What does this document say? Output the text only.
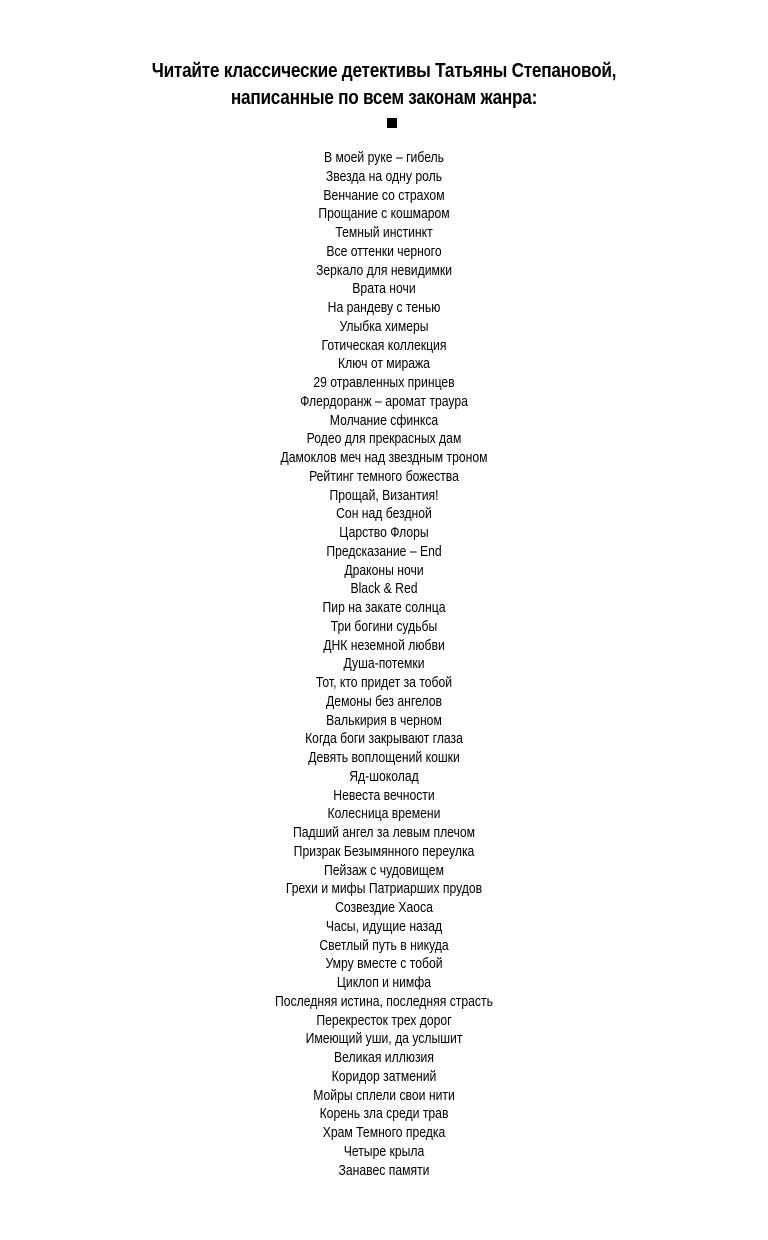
Читайте классические детективы Татьяны Степановой,
написанные по всем законам жанра:
В моей руке – гибель
Звезда на одну роль
Венчание со страхом
Прощание с кошмаром
Темный инстинкт
Все оттенки черного
Зеркало для невидимки
Врата ночи
На рандеву с тенью
Улыбка химеры
Готическая коллекция
Ключ от миража
29 отравленных принцев
Флердоранж – аромат траура
Молчание сфинкса
Родео для прекрасных дам
Дамоклов меч над звездным троном
Рейтинг темного божества
Прощай, Византия!
Сон над бездной
Царство Флоры
Предсказание – End
Драконы ночи
Black & Red
Пир на закате солнца
Три богини судьбы
ДНК неземной любви
Душа-потемки
Тот, кто придет за тобой
Демоны без ангелов
Валькирия в черном
Когда боги закрывают глаза
Девять воплощений кошки
Яд-шоколад
Невеста вечности
Колесница времени
Падший ангел за левым плечом
Призрак Безымянного переулка
Пейзаж с чудовищем
Грехи и мифы Патриарших прудов
Созвездие Хаоса
Часы, идущие назад
Светлый путь в никуда
Умру вместе с тобой
Циклоп и нимфа
Последняя истина, последняя страсть
Перекресток трех дорог
Имеющий уши, да услышит
Великая иллюзия
Коридор затмений
Мойры сплели свои нити
Корень зла среди трав
Храм Темного предка
Четыре крыла
Занавес памяти
